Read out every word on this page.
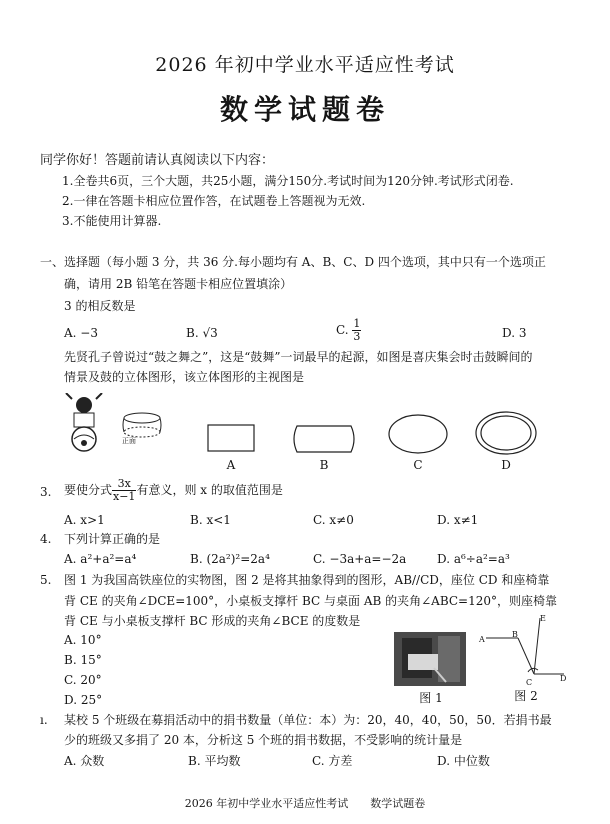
2026 年初中学业水平适应性考试
数学试题卷
同学你好！答题前请认真阅读以下内容：
1.全卷共6页，三个大题，共25小题，满分150分.考试时间为120分钟.考试形式闭卷.
2.一律在答题卡相应位置作答，在试题卷上答题视为无效.
3.不能使用计算器.
一、选择题（每小题 3 分，共 36 分.每小题均有 A、B、C、D 四个选项，其中只有一个选项正
确，请用 2B 铅笔在答题卡相应位置填涂）
3 的相反数是
A. −3	B. √3	C. $\frac{1}{3}$	D. 3
先贤孔子曾说过“鼓之舞之”，这是“鼓舞”一词最早的起源，如图是喜庆集会时击鼓瞬间的
情景及鼓的立体图形，该立体图形的主视图是
正面
A	B	C	D
3. 要使分式 $\frac{3x}{x-1}$ 有意义，则 x 的取值范围是
A. x>1	B. x<1	C. x≠0	D. x≠1
4. 下列计算正确的是
A. a²+a²=a⁴	B. (2a²)²=2a⁴	C. −3a+a=−2a	D. a⁶÷a²=a³
5. 图 1 为我国高铁座位的实物图，图 2 是将其抽象得到的图形，AB//CD，座位 CD 和座椅靠
背 CE 的夹角∠DCE=100°，小桌板支撑杆 BC 与桌面 AB 的夹角∠ABC=120°，则座椅靠
背 CE 与小桌板支撑杆 BC 形成的夹角∠BCE 的度数是
A. 10°
B. 15°
C. 20°
D. 25°	图 1
A
B
E
C	D
图 2
ı. 某校 5 个班级在募捐活动中的捐书数量（单位：本）为：20，40，40，50，50．若捐书最
少的班级又多捐了 20 本，分析这 5 个班的捐书数据，不受影响的统计量是
A. 众数	B. 平均数	C. 方差	D. 中位数
2026 年初中学业水平适应性考试　　数学试题卷
